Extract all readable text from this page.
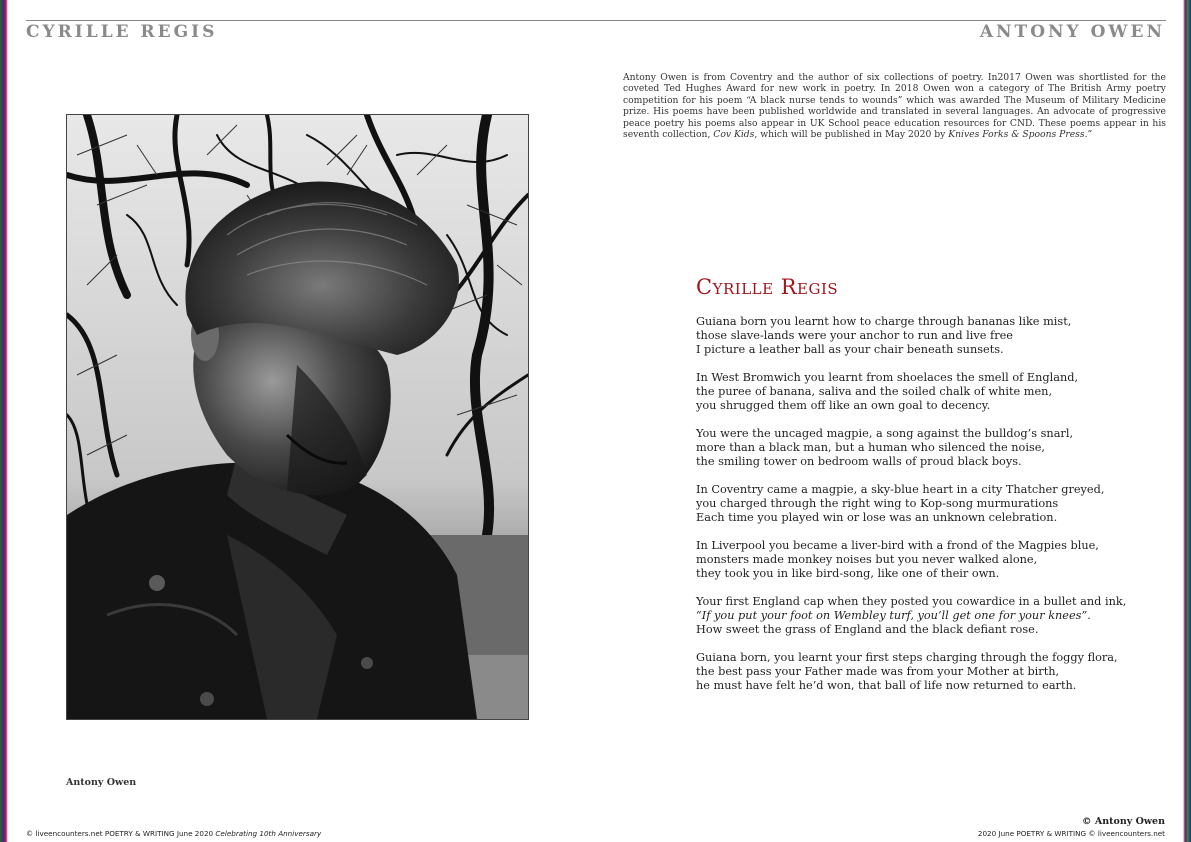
CYRILLE REGIS	ANTONY OWEN
Antony Owen is from Coventry and the author of six collections of poetry. In2017 Owen was shortlisted for the coveted Ted Hughes Award for new work in poetry. In 2018 Owen won a category of The British Army poetry competition for his poem “A black nurse tends to wounds” which was awarded The Museum of Military Medicine prize. His poems have been published worldwide and translated in several languages. An advocate of progressive peace poetry his poems also appear in UK School peace education resources for CND. These poems appear in his seventh collection, Cov Kids, which will be published in May 2020 by Knives Forks & Spoons Press.”
Antony Owen
Cyrille Regis
Guiana born you learnt how to charge through bananas like mist,
those slave-lands were your anchor to run and live free
I picture a leather ball as your chair beneath sunsets.
In West Bromwich you learnt from shoelaces the smell of England,
the puree of banana, saliva and the soiled chalk of white men,
you shrugged them off like an own goal to decency.
You were the uncaged magpie, a song against the bulldog’s snarl,
more than a black man, but a human who silenced the noise,
the smiling tower on bedroom walls of proud black boys.
In Coventry came a magpie, a sky-blue heart in a city Thatcher greyed,
you charged through the right wing to Kop-song murmurations
Each time you played win or lose was an unknown celebration.
In Liverpool you became a liver-bird with a frond of the Magpies blue,
monsters made monkey noises but you never walked alone,
they took you in like bird-song, like one of their own.
Your first England cap when they posted you cowardice in a bullet and ink,
“If you put your foot on Wembley turf, you’ll get one for your knees”.
How sweet the grass of England and the black defiant rose.
Guiana born, you learnt your first steps charging through the foggy flora,
the best pass your Father made was from your Mother at birth,
he must have felt he’d won, that ball of life now returned to earth.
© Antony Owen
© liveencounters.net POETRY & WRITING June 2020 Celebrating 10th Anniversary	2020 June POETRY & WRITING © liveencounters.net
